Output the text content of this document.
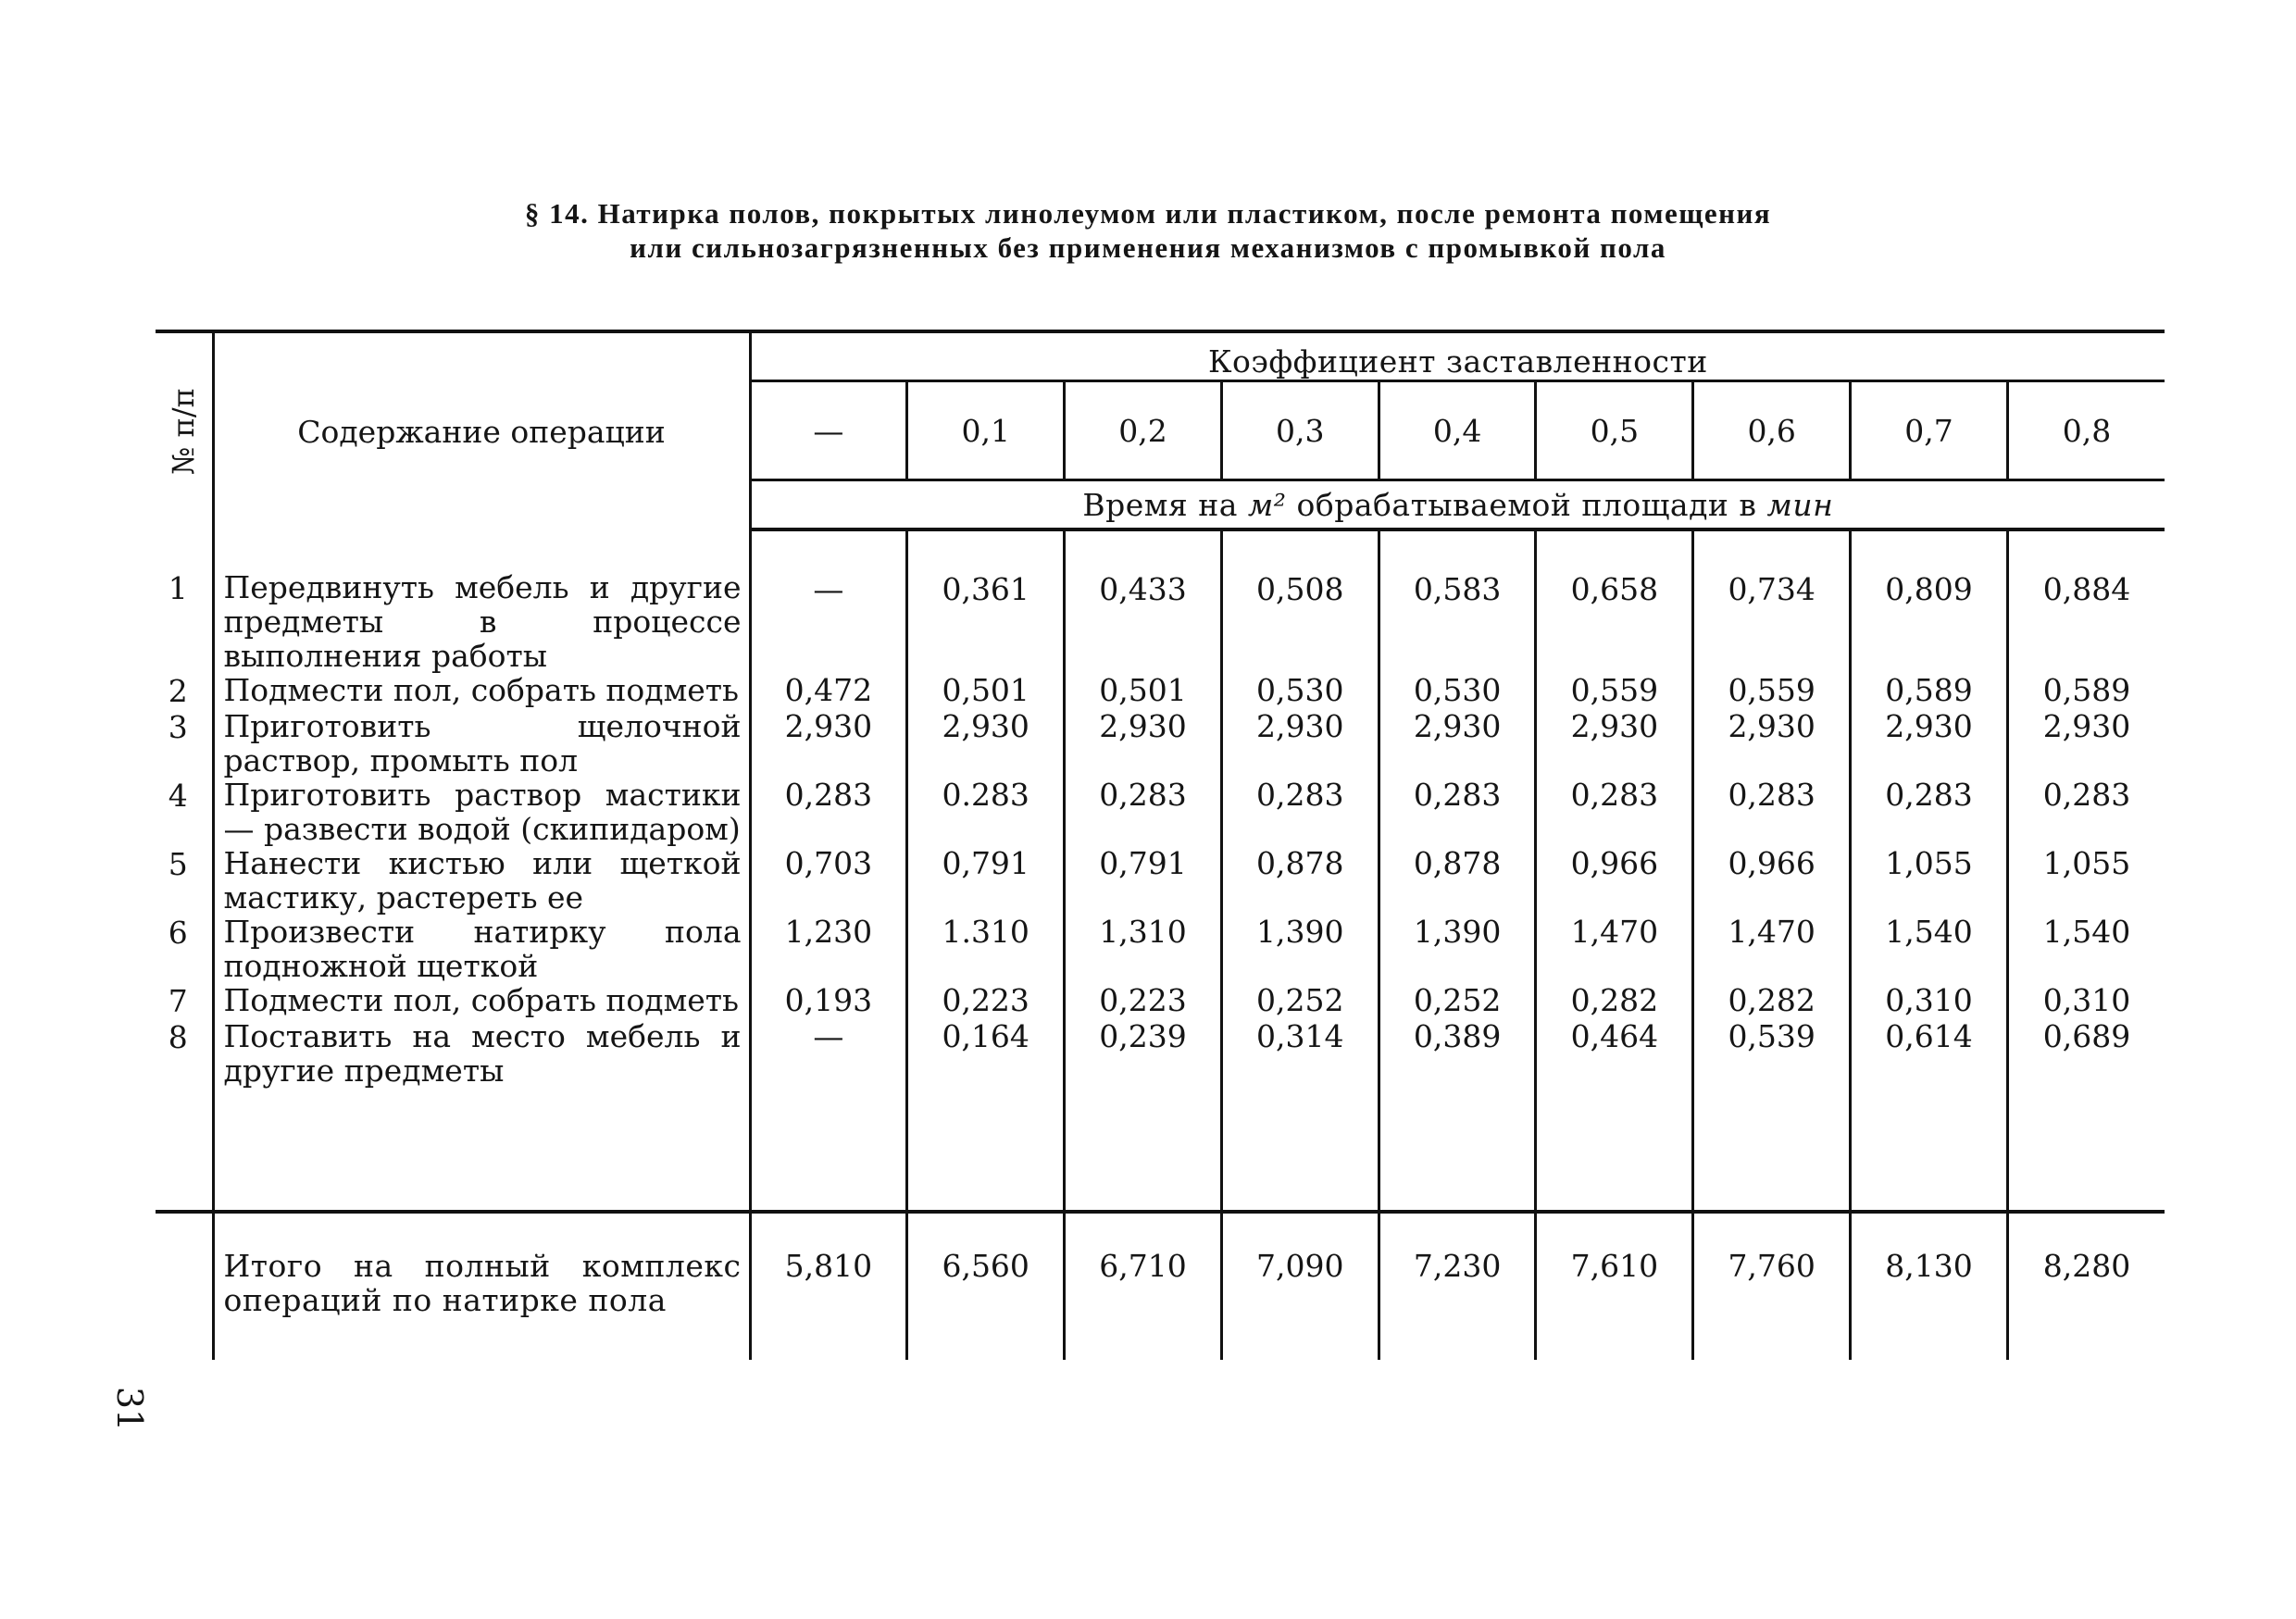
§ 14. Натирка полов, покрытых линолеумом или пластиком, после ремонта помещения
или сильнозагрязненных без применения механизмов с промывкой пола
№ п/п	Содержание операции	Коэффициент заставленности								
		—	0,1	0,2	0,3	0,4	0,5	0,6	0,7	0,8
		Время на м² обрабатываемой площади в мин								
1	Передвинуть мебель и другие предметы в процессе выполнения работы	—	0,361	0,433	0,508	0,583	0,658	0,734	0,809	0,884
2	Подмести пол, собрать подметь	0,472	0,501	0,501	0,530	0,530	0,559	0,559	0,589	0,589
3	Приготовить щелочной раствор, промыть пол	2,930	2,930	2,930	2,930	2,930	2,930	2,930	2,930	2,930
4	Приготовить раствор мастики — развести водой (скипидаром)	0,283	0.283	0,283	0,283	0,283	0,283	0,283	0,283	0,283
5	Нанести кистью или щеткой мастику, растереть ее	0,703	0,791	0,791	0,878	0,878	0,966	0,966	1,055	1,055
6	Произвести натирку пола подножной щеткой	1,230	1.310	1,310	1,390	1,390	1,470	1,470	1,540	1,540
7	Подмести пол, собрать подметь	0,193	0,223	0,223	0,252	0,252	0,282	0,282	0,310	0,310
8	Поставить на место мебель и другие предметы	—	0,164	0,239	0,314	0,389	0,464	0,539	0,614	0,689

	Итого на полный комплекс операций по натирке пола	5,810	6,560	6,710	7,090	7,230	7,610	7,760	8,130	8,280
31
